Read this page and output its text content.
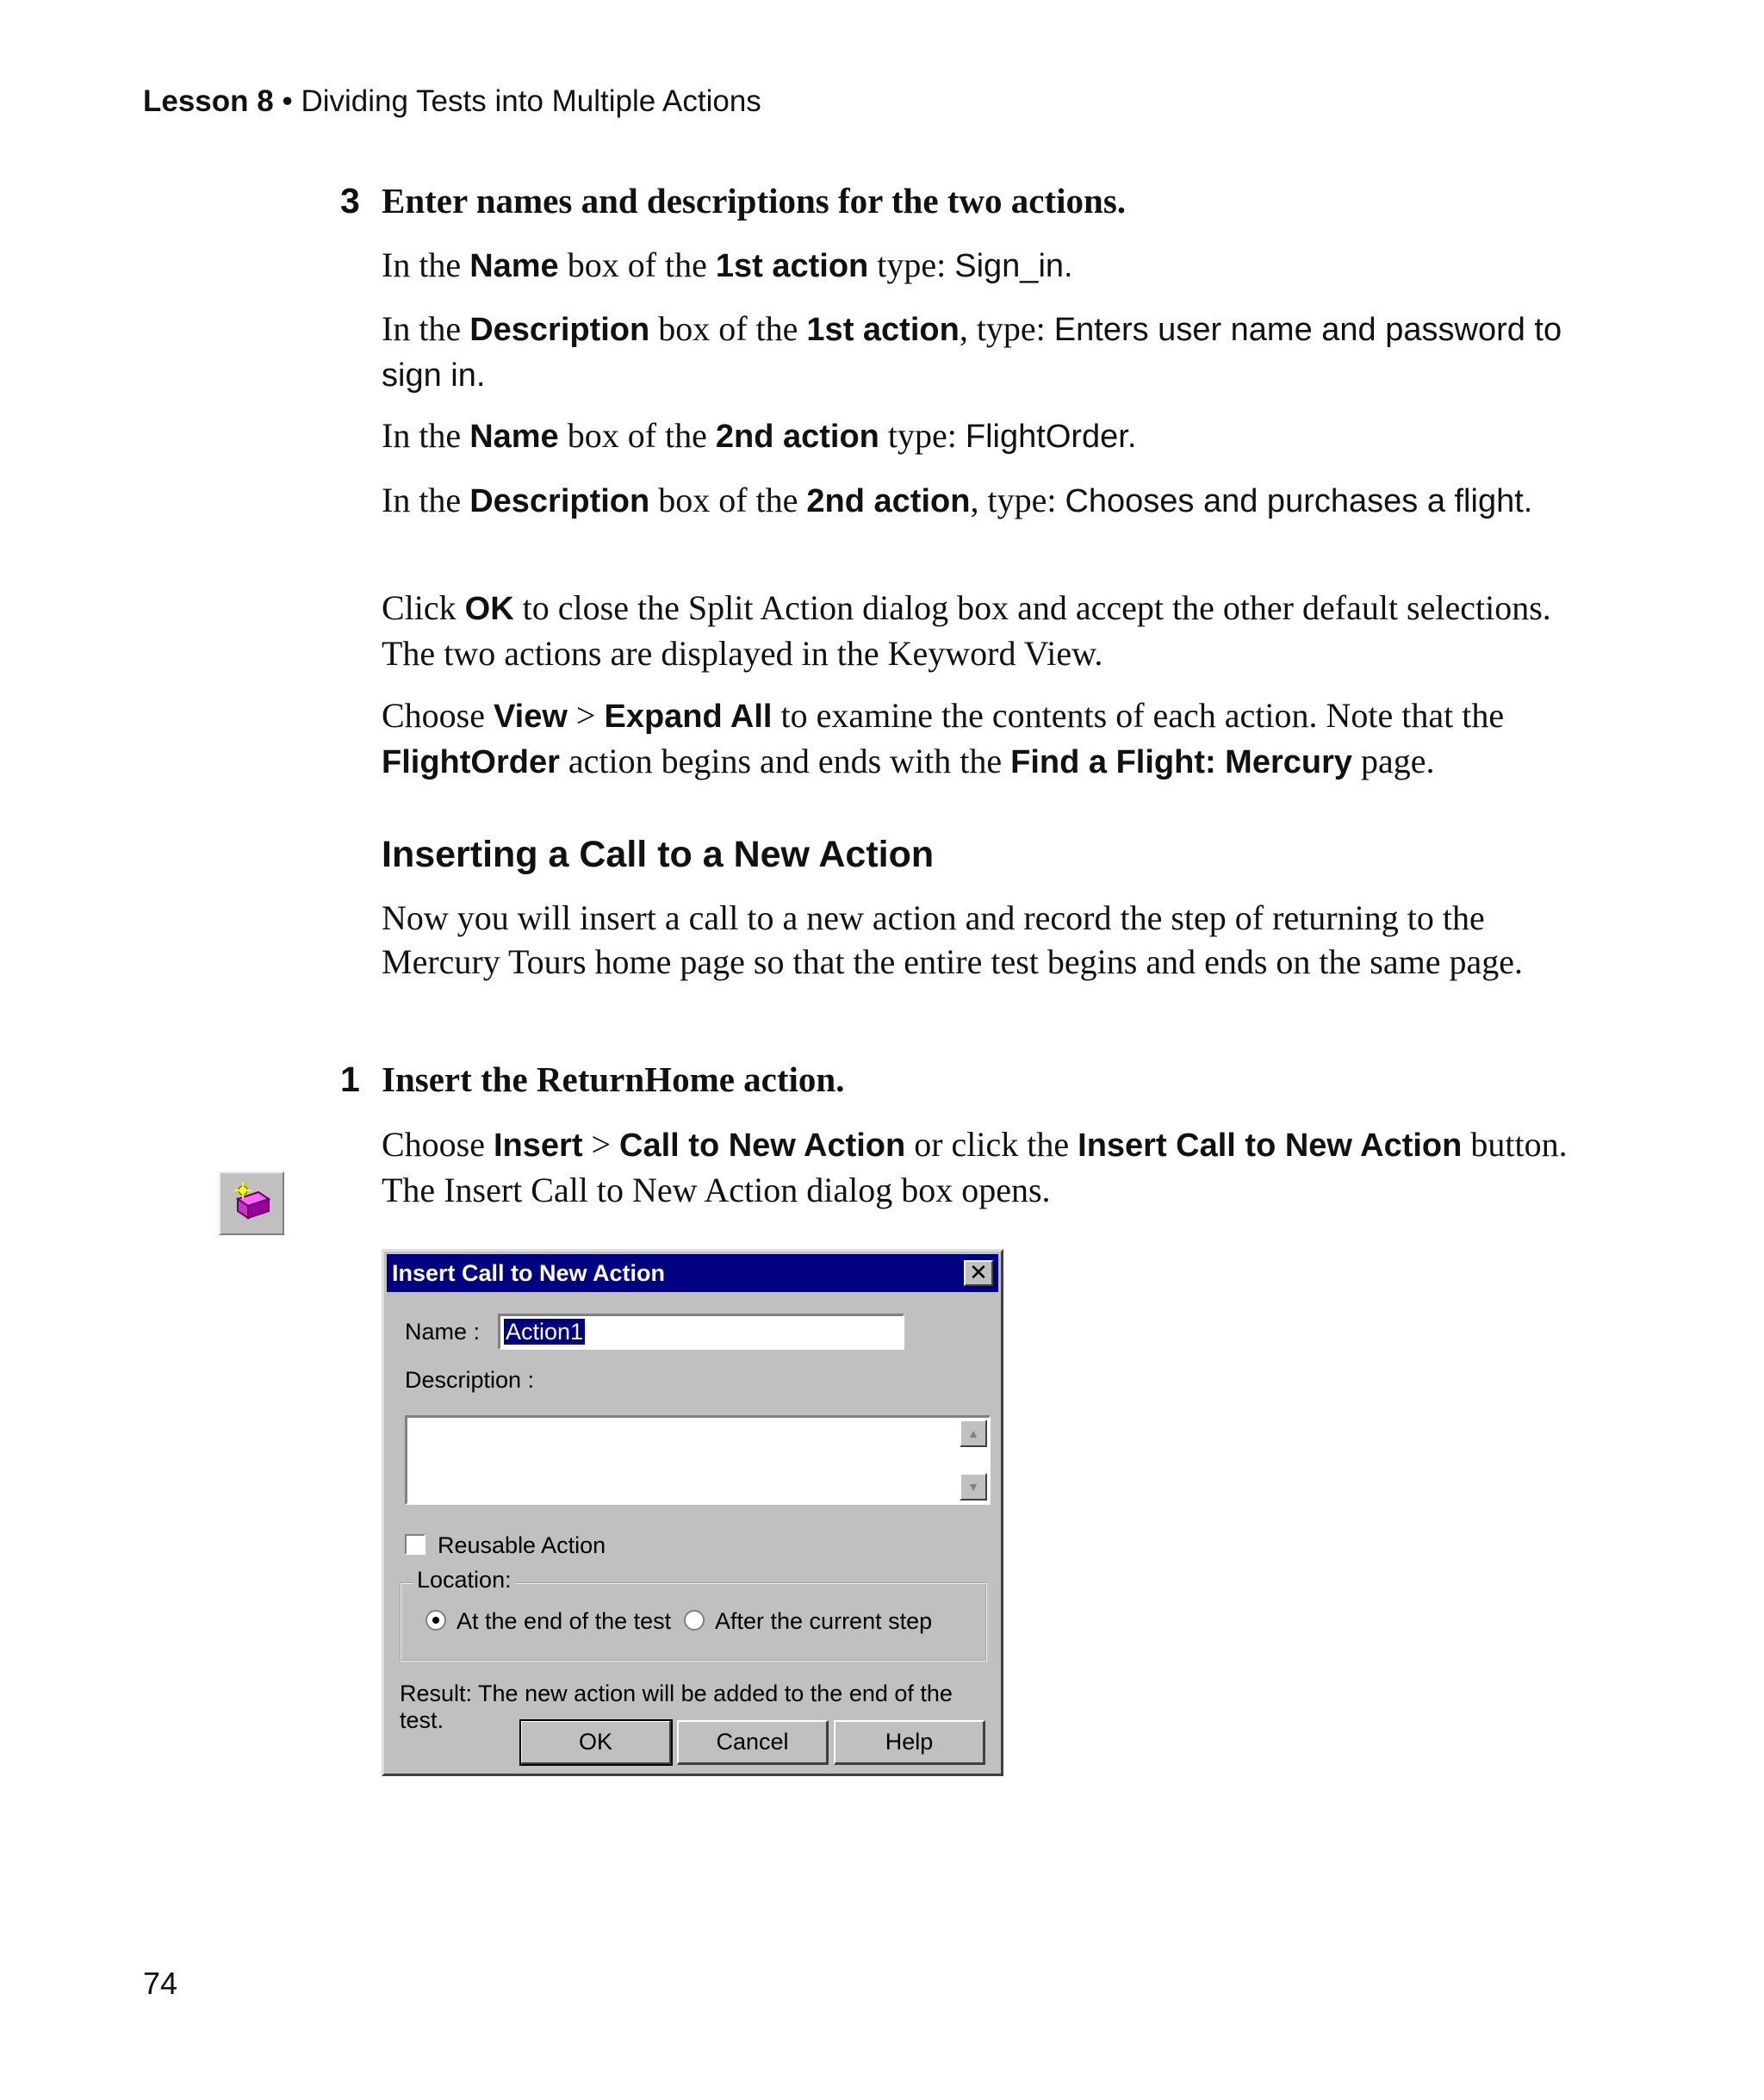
Lesson 8 • Dividing Tests into Multiple Actions
3 Enter names and descriptions for the two actions.
In the Name box of the 1st action type: Sign_in.
In the Description box of the 1st action, type: Enters user name and password to sign in.
In the Name box of the 2nd action type: FlightOrder.
In the Description box of the 2nd action, type: Chooses and purchases a flight.
Click OK to close the Split Action dialog box and accept the other default selections. The two actions are displayed in the Keyword View.
Choose View > Expand All to examine the contents of each action. Note that the FlightOrder action begins and ends with the Find a Flight: Mercury page.
Inserting a Call to a New Action
Now you will insert a call to a new action and record the step of returning to the Mercury Tours home page so that the entire test begins and ends on the same page.
1 Insert the ReturnHome action.
Choose Insert > Call to New Action or click the Insert Call to New Action button. The Insert Call to New Action dialog box opens.
Insert Call to New Action	✕
Name :	Action1
Description :
▲
▼
Reusable Action
Location:
At the end of the test After the current step
Result: The new action will be added to the end of the test.
OK	Cancel	Help
74
